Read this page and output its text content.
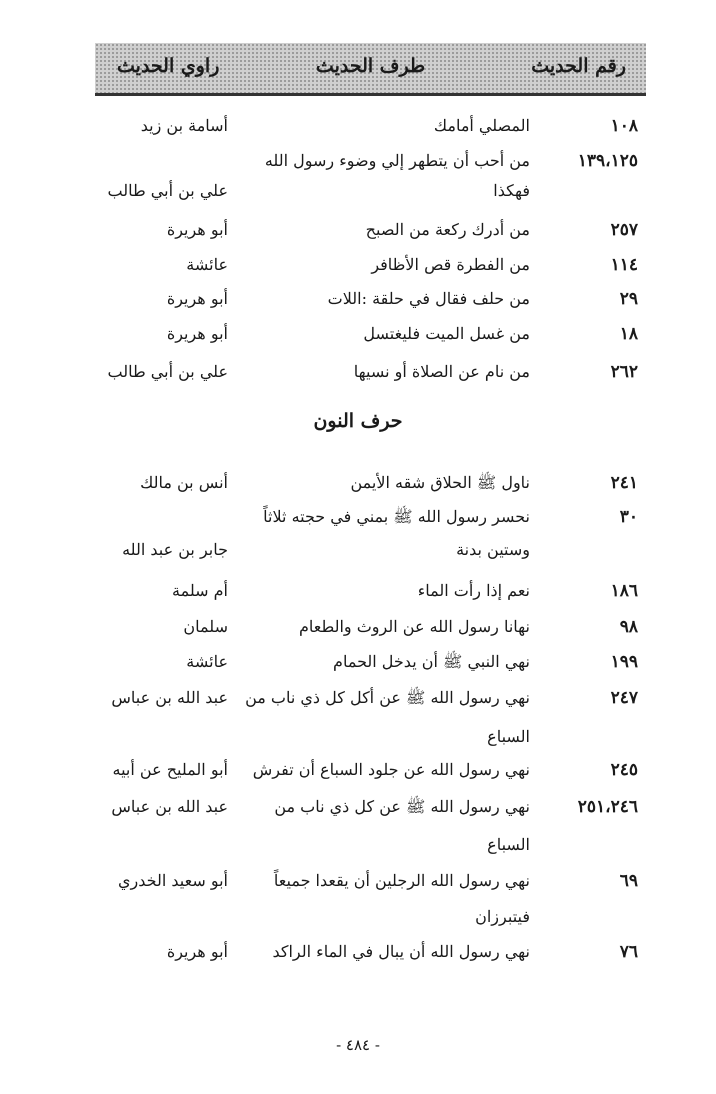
رقم الحديث
طرف الحديث
راوي الحديث
١٠٨
المصلي أمامك
أسامة بن زيد
١٣٩،١٢٥
من أحب أن يتطهر إلي وضوء رسول الله
فهكذا
علي بن أبي طالب
٢٥٧
من أدرك ركعة من الصبح
أبو هريرة
١١٤
من الفطرة قص الأظافر
عائشة
٢٩
من حلف فقال في حلقة :اللات
أبو هريرة
١٨
من غسل الميت فليغتسل
أبو هريرة
٢٦٢
من نام عن الصلاة أو نسيها
علي بن أبي طالب
حرف النون
٢٤١
ناول ﷺ الحلاق شقه الأيمن
أنس بن مالك
٣٠
نحسر رسول الله ﷺ بمني في حجته ثلاثاً
وستين بدنة
جابر بن عبد الله
١٨٦
نعم إذا رأت الماء
أم سلمة
٩٨
نهانا رسول الله عن الروث والطعام
سلمان
١٩٩
نهي النبي ﷺ أن يدخل الحمام
عائشة
٢٤٧
نهي رسول الله ﷺ عن أكل كل ذي ناب من
عبد الله بن عباس
السباع
٢٤٥
نهي رسول الله عن جلود السباع أن تفرش
أبو المليح عن أبيه
٢٥١،٢٤٦
نهي رسول الله ﷺ عن كل ذي ناب من
عبد الله بن عباس
السباع
٦٩
نهي رسول الله الرجلين أن يقعدا جميعاً
أبو سعيد الخدري
فيتبرزان
٧٦
نهي رسول الله أن يبال في الماء الراكد
أبو هريرة
- ٤٨٤ -
